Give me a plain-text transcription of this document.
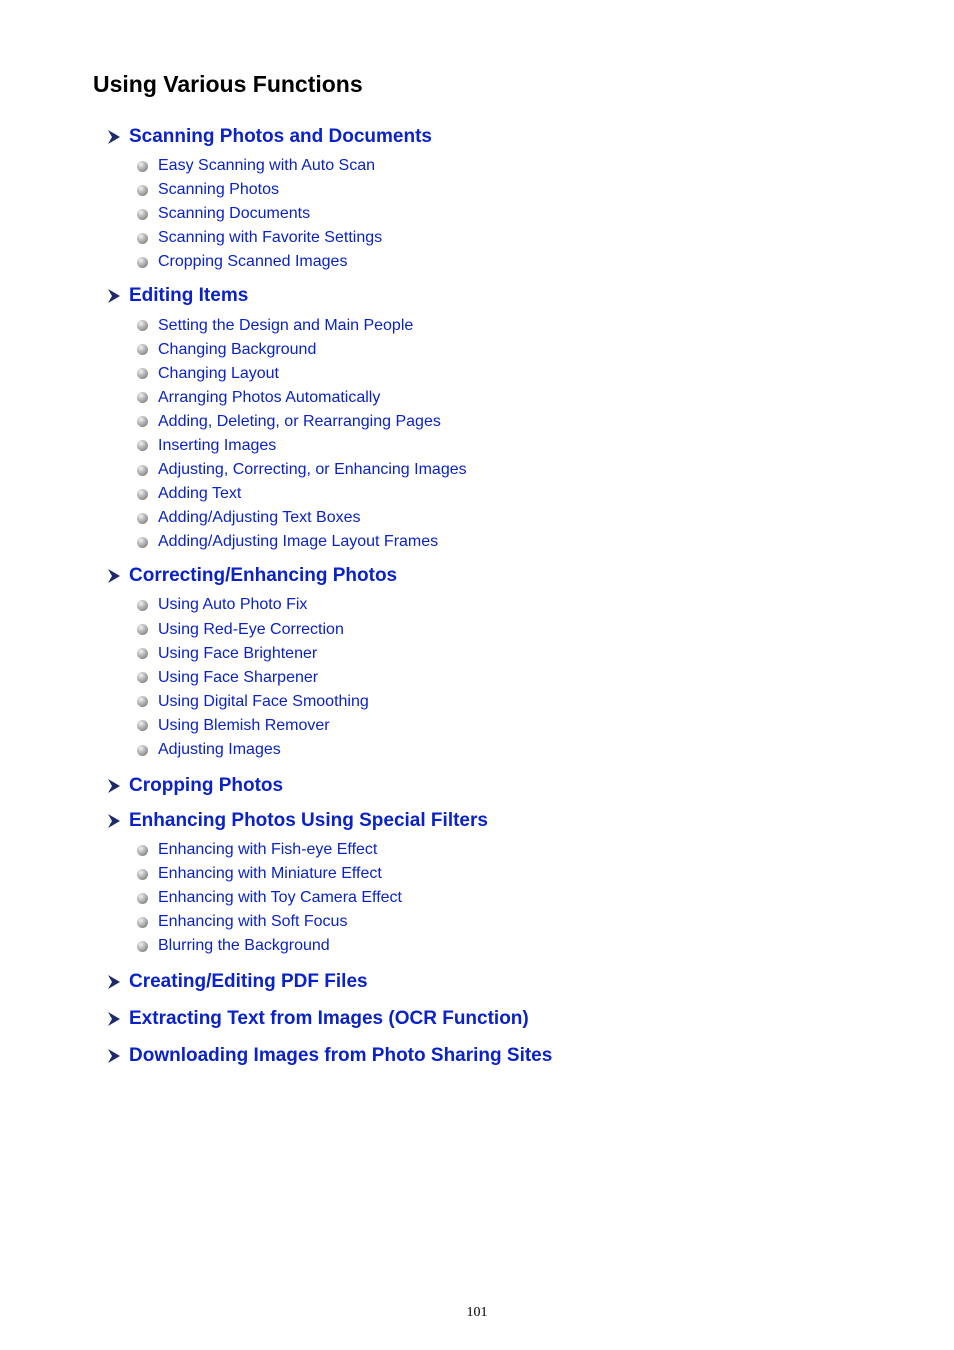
Using Various Functions
Scanning Photos and Documents
Easy Scanning with Auto Scan
Scanning Photos
Scanning Documents
Scanning with Favorite Settings
Cropping Scanned Images
Editing Items
Setting the Design and Main People
Changing Background
Changing Layout
Arranging Photos Automatically
Adding, Deleting, or Rearranging Pages
Inserting Images
Adjusting, Correcting, or Enhancing Images
Adding Text
Adding/Adjusting Text Boxes
Adding/Adjusting Image Layout Frames
Correcting/Enhancing Photos
Using Auto Photo Fix
Using Red-Eye Correction
Using Face Brightener
Using Face Sharpener
Using Digital Face Smoothing
Using Blemish Remover
Adjusting Images
Cropping Photos
Enhancing Photos Using Special Filters
Enhancing with Fish-eye Effect
Enhancing with Miniature Effect
Enhancing with Toy Camera Effect
Enhancing with Soft Focus
Blurring the Background
Creating/Editing PDF Files
Extracting Text from Images (OCR Function)
Downloading Images from Photo Sharing Sites
101
